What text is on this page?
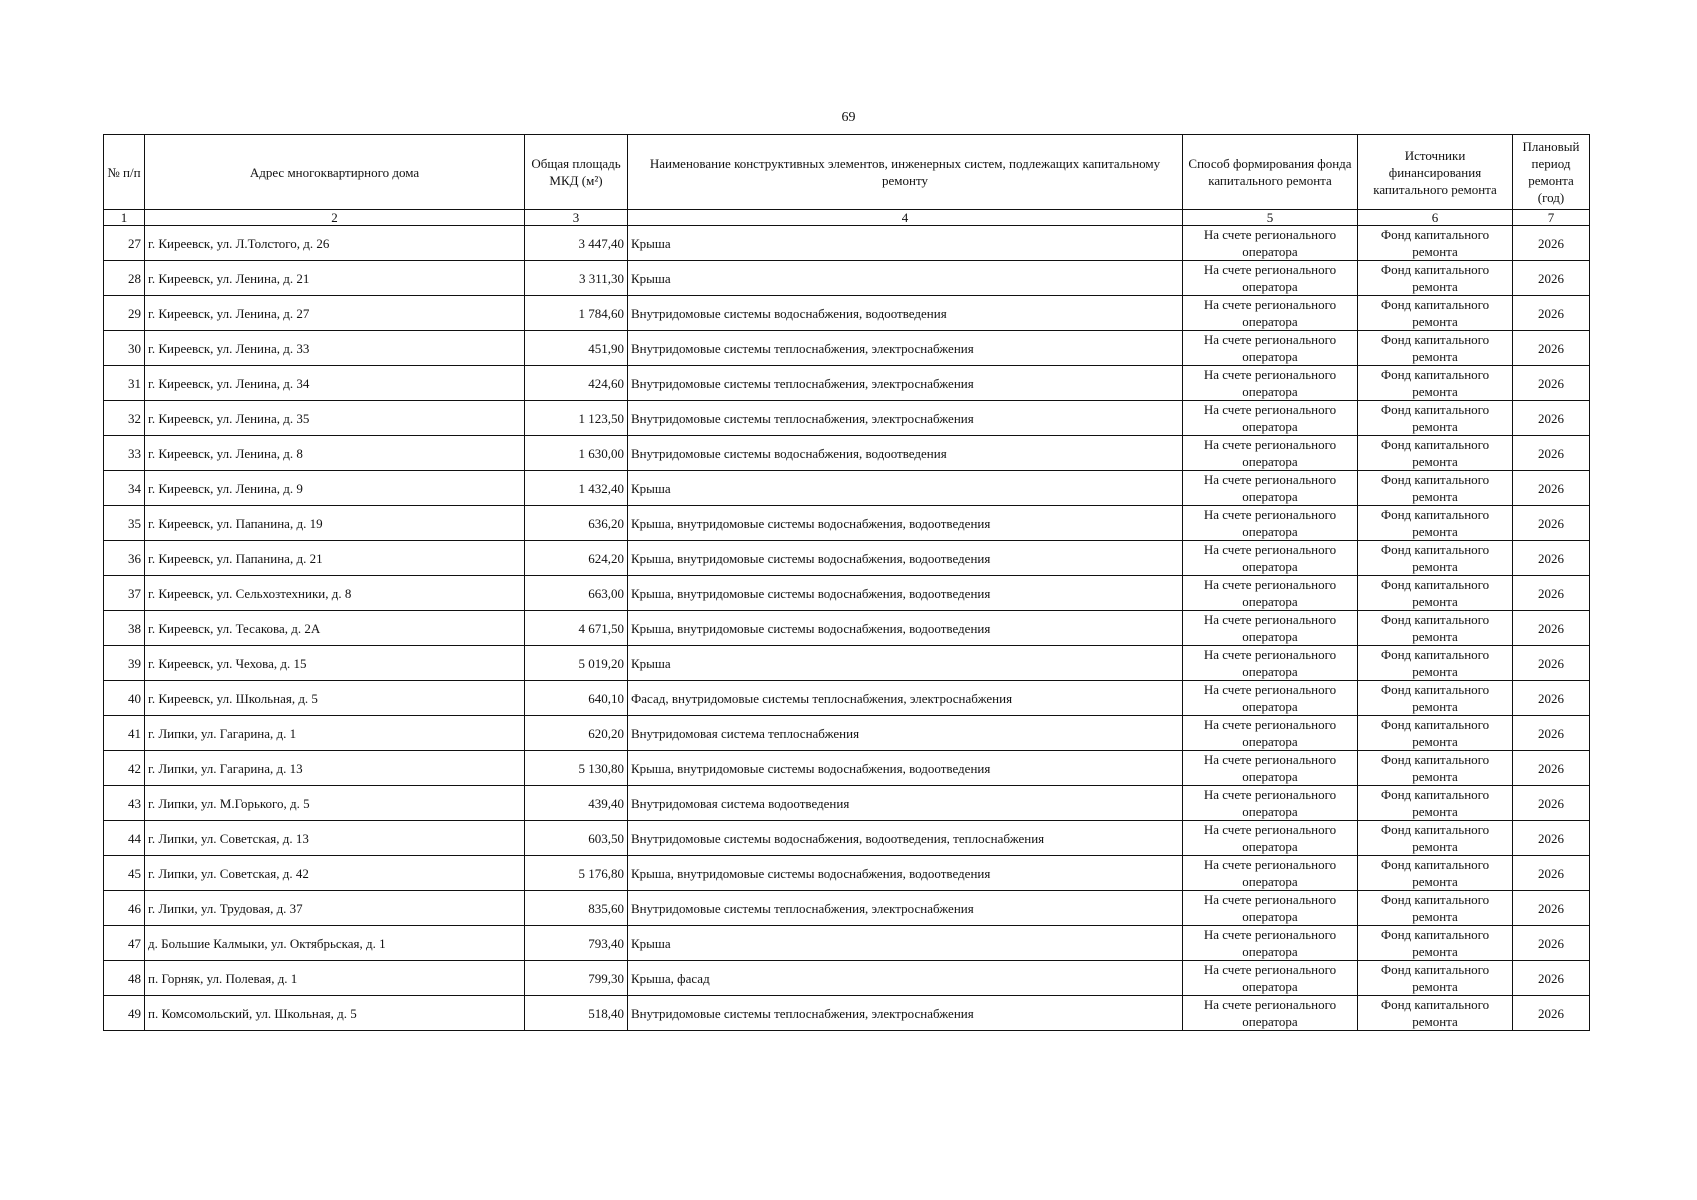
69
№ п/п	Адрес многоквартирного дома	Общая площадь МКД (м²)	Наименование конструктивных элементов, инженерных систем, подлежащих капитальному ремонту	Способ формирования фонда капитального ремонта	Источники финансирования капитального ремонта	Плановый период ремонта (год)
1	2	3	4	5	6	7
27	г. Киреевск, ул. Л.Толстого, д. 26	3 447,40	Крыша	На счете регионального оператора	Фонд капитального ремонта	2026
28	г. Киреевск, ул. Ленина, д. 21	3 311,30	Крыша	На счете регионального оператора	Фонд капитального ремонта	2026
29	г. Киреевск, ул. Ленина, д. 27	1 784,60	Внутридомовые системы водоснабжения, водоотведения	На счете регионального оператора	Фонд капитального ремонта	2026
30	г. Киреевск, ул. Ленина, д. 33	451,90	Внутридомовые системы теплоснабжения, электроснабжения	На счете регионального оператора	Фонд капитального ремонта	2026
31	г. Киреевск, ул. Ленина, д. 34	424,60	Внутридомовые системы теплоснабжения, электроснабжения	На счете регионального оператора	Фонд капитального ремонта	2026
32	г. Киреевск, ул. Ленина, д. 35	1 123,50	Внутридомовые системы теплоснабжения, электроснабжения	На счете регионального оператора	Фонд капитального ремонта	2026
33	г. Киреевск, ул. Ленина, д. 8	1 630,00	Внутридомовые системы водоснабжения, водоотведения	На счете регионального оператора	Фонд капитального ремонта	2026
34	г. Киреевск, ул. Ленина, д. 9	1 432,40	Крыша	На счете регионального оператора	Фонд капитального ремонта	2026
35	г. Киреевск, ул. Папанина, д. 19	636,20	Крыша, внутридомовые системы водоснабжения, водоотведения	На счете регионального оператора	Фонд капитального ремонта	2026
36	г. Киреевск, ул. Папанина, д. 21	624,20	Крыша, внутридомовые системы водоснабжения, водоотведения	На счете регионального оператора	Фонд капитального ремонта	2026
37	г. Киреевск, ул. Сельхозтехники, д. 8	663,00	Крыша, внутридомовые системы водоснабжения, водоотведения	На счете регионального оператора	Фонд капитального ремонта	2026
38	г. Киреевск, ул. Тесакова, д. 2А	4 671,50	Крыша, внутридомовые системы водоснабжения, водоотведения	На счете регионального оператора	Фонд капитального ремонта	2026
39	г. Киреевск, ул. Чехова, д. 15	5 019,20	Крыша	На счете регионального оператора	Фонд капитального ремонта	2026
40	г. Киреевск, ул. Школьная, д. 5	640,10	Фасад, внутридомовые системы теплоснабжения, электроснабжения	На счете регионального оператора	Фонд капитального ремонта	2026
41	г. Липки, ул. Гагарина, д. 1	620,20	Внутридомовая система теплоснабжения	На счете регионального оператора	Фонд капитального ремонта	2026
42	г. Липки, ул. Гагарина, д. 13	5 130,80	Крыша, внутридомовые системы водоснабжения, водоотведения	На счете регионального оператора	Фонд капитального ремонта	2026
43	г. Липки, ул. М.Горького, д. 5	439,40	Внутридомовая система водоотведения	На счете регионального оператора	Фонд капитального ремонта	2026
44	г. Липки, ул. Советская, д. 13	603,50	Внутридомовые системы водоснабжения, водоотведения, теплоснабжения	На счете регионального оператора	Фонд капитального ремонта	2026
45	г. Липки, ул. Советская, д. 42	5 176,80	Крыша, внутридомовые системы водоснабжения, водоотведения	На счете регионального оператора	Фонд капитального ремонта	2026
46	г. Липки, ул. Трудовая, д. 37	835,60	Внутридомовые системы теплоснабжения, электроснабжения	На счете регионального оператора	Фонд капитального ремонта	2026
47	д. Большие Калмыки, ул. Октябрьская, д. 1	793,40	Крыша	На счете регионального оператора	Фонд капитального ремонта	2026
48	п. Горняк, ул. Полевая, д. 1	799,30	Крыша, фасад	На счете регионального оператора	Фонд капитального ремонта	2026
49	п. Комсомольский, ул. Школьная, д. 5	518,40	Внутридомовые системы теплоснабжения, электроснабжения	На счете регионального оператора	Фонд капитального ремонта	2026
